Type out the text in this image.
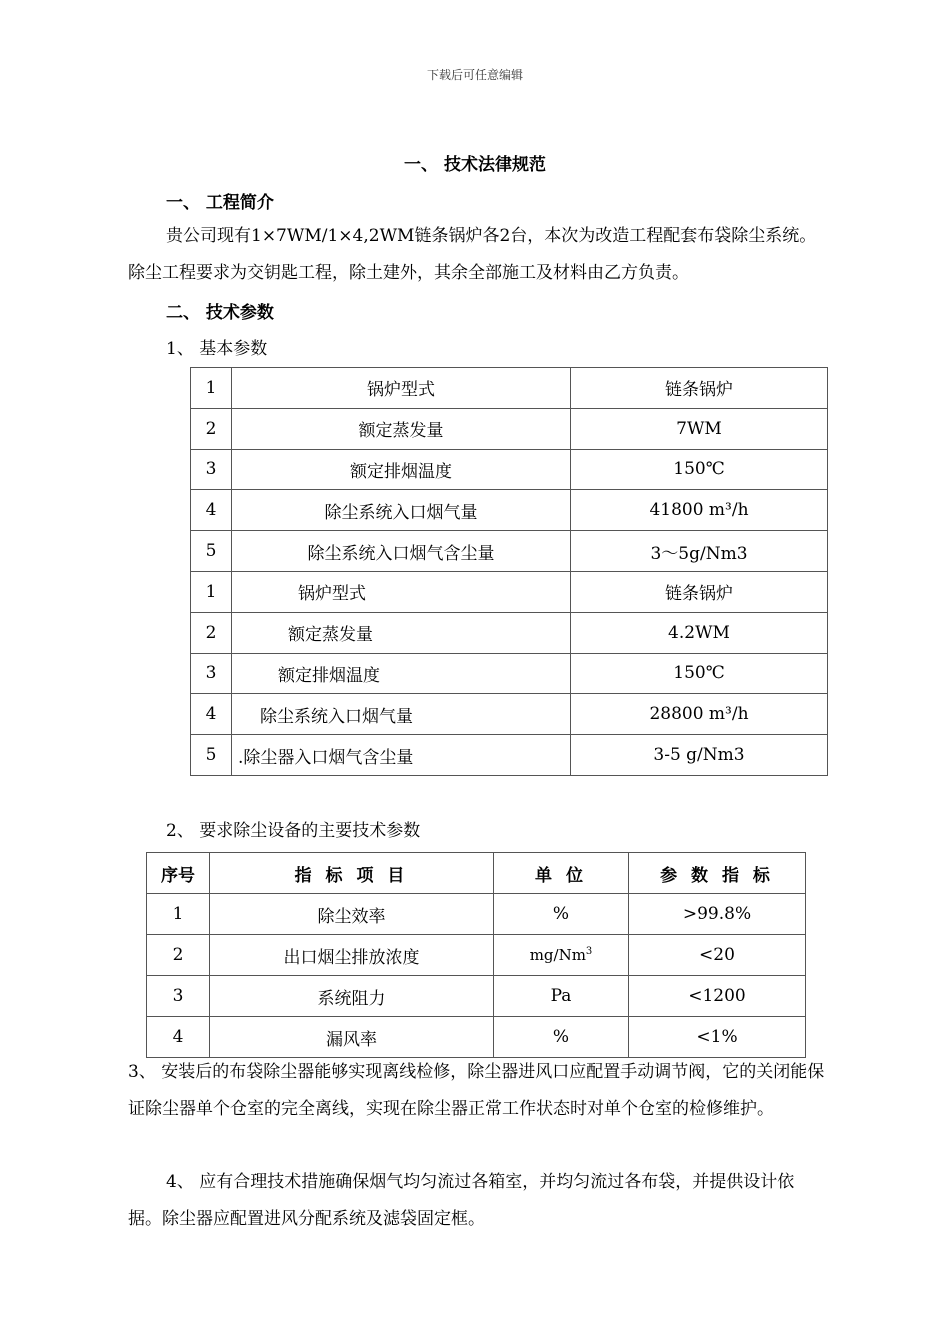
下载后可任意编辑
一、 技术法律规范
一、 工程简介
贵公司现有1×7WM/1×4,2WM链条锅炉各2台，本次为改造工程配套布袋除尘系统。除尘工程要求为交钥匙工程，除土建外，其余全部施工及材料由乙方负责。
二、 技术参数
1、 基本参数
1	锅炉型式	链条锅炉
2	额定蒸发量	7WM
3	额定排烟温度	150℃
4	除尘系统入口烟气量	41800 m³/h
5	除尘系统入口烟气含尘量	3～5g/Nm3
1	锅炉型式	链条锅炉
2	额定蒸发量	4.2WM
3	额定排烟温度	150℃
4	除尘系统入口烟气量	28800 m³/h
5	.除尘器入口烟气含尘量	3-5 g/Nm3
2、 要求除尘设备的主要技术参数
序号	指 标 项 目	单 位	参 数 指 标
1	除尘效率	%	>99.8%
2	出口烟尘排放浓度	$mg/Nm^3$	<20
3	系统阻力	Pa	<1200
4	漏风率	%	<1%
3、 安装后的布袋除尘器能够实现离线检修，除尘器进风口应配置手动调节阀，它的关闭能保证除尘器单个仓室的完全离线，实现在除尘器正常工作状态时对单个仓室的检修维护。
4、 应有合理技术措施确保烟气均匀流过各箱室，并均匀流过各布袋，并提供设计依据。除尘器应配置进风分配系统及滤袋固定框。
